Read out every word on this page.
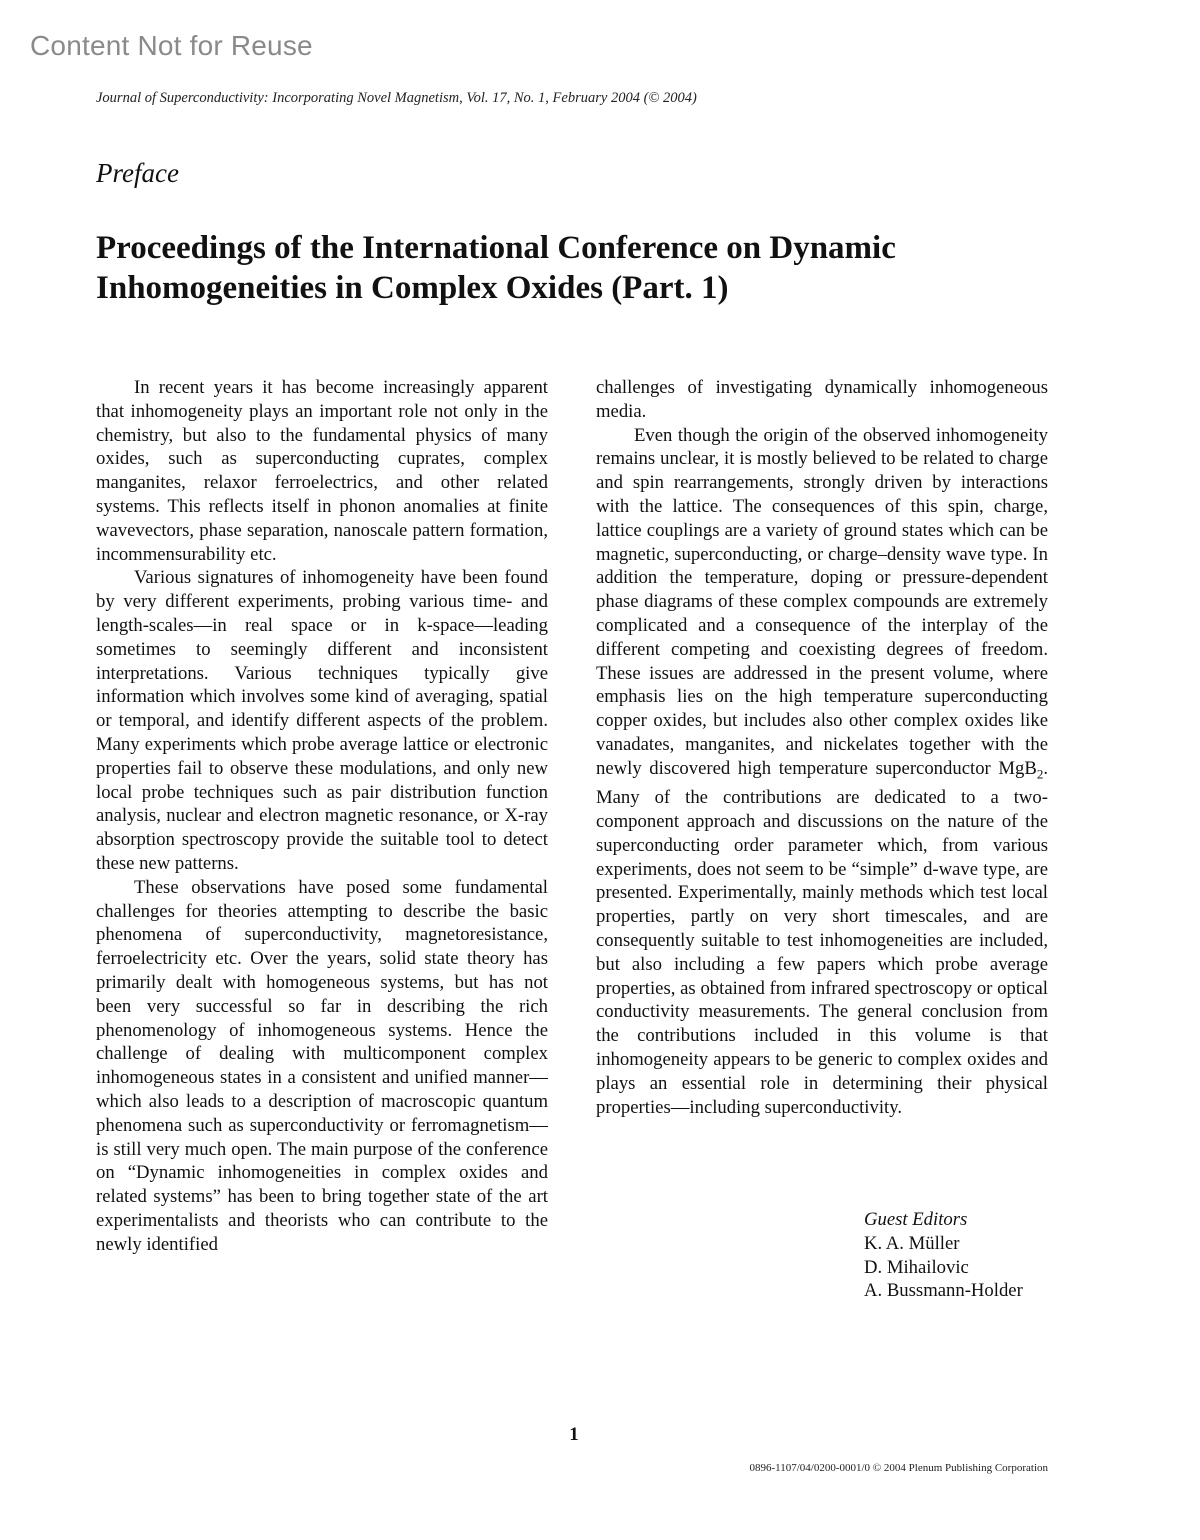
Content Not for Reuse
Journal of Superconductivity: Incorporating Novel Magnetism, Vol. 17, No. 1, February 2004 (© 2004)
Preface
Proceedings of the International Conference on Dynamic
Inhomogeneities in Complex Oxides (Part. 1)

In recent years it has become increasingly apparent that inhomogeneity plays an important role not only in the chemistry, but also to the fundamental physics of many oxides, such as superconducting cuprates, complex manganites, relaxor ferroelectrics, and other related systems. This reflects itself in phonon anomalies at finite wavevectors, phase separation, nanoscale pattern formation, incommensurability etc.

Various signatures of inhomogeneity have been found by very different experiments, probing various time- and length-scales—in real space or in k-space—leading sometimes to seemingly different and inconsistent interpretations. Various techniques typically give information which involves some kind of averaging, spatial or temporal, and identify different aspects of the problem. Many experiments which probe average lattice or electronic properties fail to observe these modulations, and only new local probe techniques such as pair distribution function analysis, nuclear and electron magnetic resonance, or X-ray absorption spectroscopy provide the suitable tool to detect these new patterns.

These observations have posed some fundamental challenges for theories attempting to describe the basic phenomena of superconductivity, magnetoresistance, ferroelectricity etc. Over the years, solid state theory has primarily dealt with homogeneous systems, but has not been very successful so far in describing the rich phenomenology of inhomogeneous systems. Hence the challenge of dealing with multicomponent complex inhomogeneous states in a consistent and unified manner—which also leads to a description of macroscopic quantum phenomena such as superconductivity or ferromagnetism—is still very much open. The main purpose of the conference on “Dynamic inhomogeneities in complex oxides and related systems” has been to bring together state of the art experimentalists and theorists who can contribute to the newly identified

challenges of investigating dynamically inhomogeneous media.

Even though the origin of the observed inhomogeneity remains unclear, it is mostly believed to be related to charge and spin rearrangements, strongly driven by interactions with the lattice. The consequences of this spin, charge, lattice couplings are a variety of ground states which can be magnetic, superconducting, or charge–density wave type. In addition the temperature, doping or pressure-dependent phase diagrams of these complex compounds are extremely complicated and a consequence of the interplay of the different competing and coexisting degrees of freedom. These issues are addressed in the present volume, where emphasis lies on the high temperature superconducting copper oxides, but includes also other complex oxides like vanadates, manganites, and nickelates together with the newly discovered high temperature superconductor MgB$_2$. Many of the contributions are dedicated to a two-component approach and discussions on the nature of the superconducting order parameter which, from various experiments, does not seem to be “simple” d-wave type, are presented. Experimentally, mainly methods which test local properties, partly on very short timescales, and are consequently suitable to test inhomogeneities are included, but also including a few papers which probe average properties, as obtained from infrared spectroscopy or optical conductivity measurements. The general conclusion from the contributions included in this volume is that inhomogeneity appears to be generic to complex oxides and plays an essential role in determining their physical properties—including superconductivity.

Guest Editors
K. A. Müller
D. Mihailovic
A. Bussmann-Holder
1
0896-1107/04/0200-0001/0 © 2004 Plenum Publishing Corporation
